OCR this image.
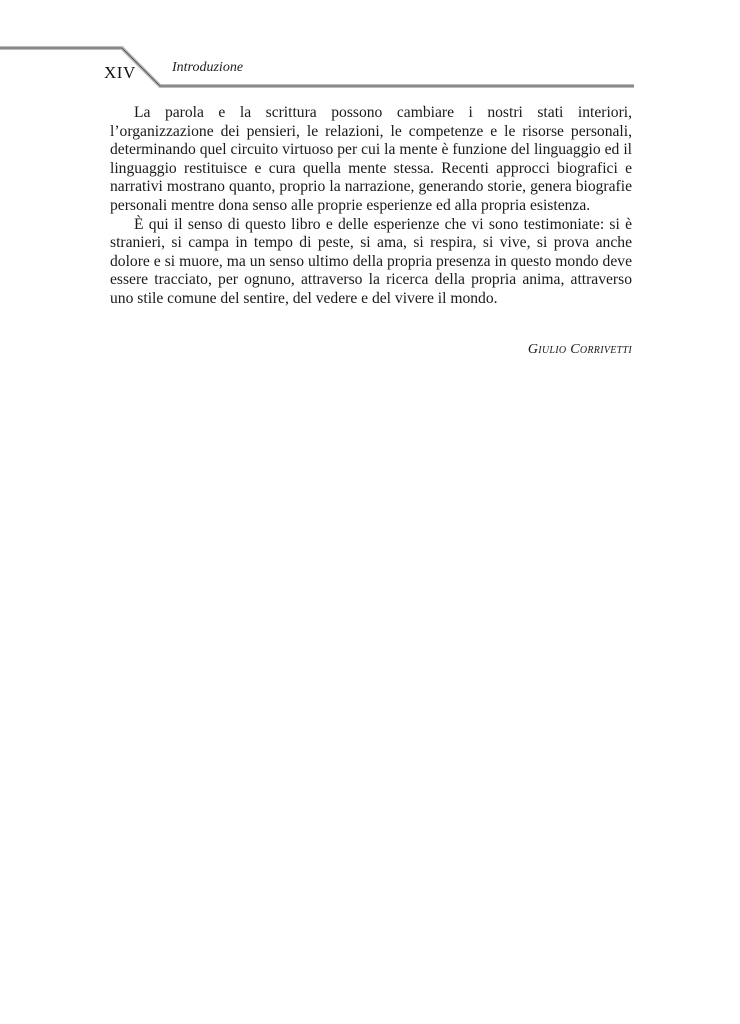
XIV	Introduzione

La parola e la scrittura possono cambiare i nostri stati interiori, l’organizzazione dei pensieri, le relazioni, le competenze e le risorse personali, determinando quel circuito virtuoso per cui la mente è funzione del linguaggio ed il linguaggio restituisce e cura quella mente stessa. Recenti approcci biografici e narrativi mostrano quanto, proprio la narrazione, generando storie, genera biografie personali mentre dona senso alle proprie esperienze ed alla propria esistenza.

È qui il senso di questo libro e delle esperienze che vi sono testimoniate: si è stranieri, si campa in tempo di peste, si ama, si respira, si vive, si prova anche dolore e si muore, ma un senso ultimo della propria presenza in questo mondo deve essere tracciato, per ognuno, attraverso la ricerca della propria anima, attraverso uno stile comune del sentire, del vedere e del vivere il mondo.

Giulio Corrivetti
